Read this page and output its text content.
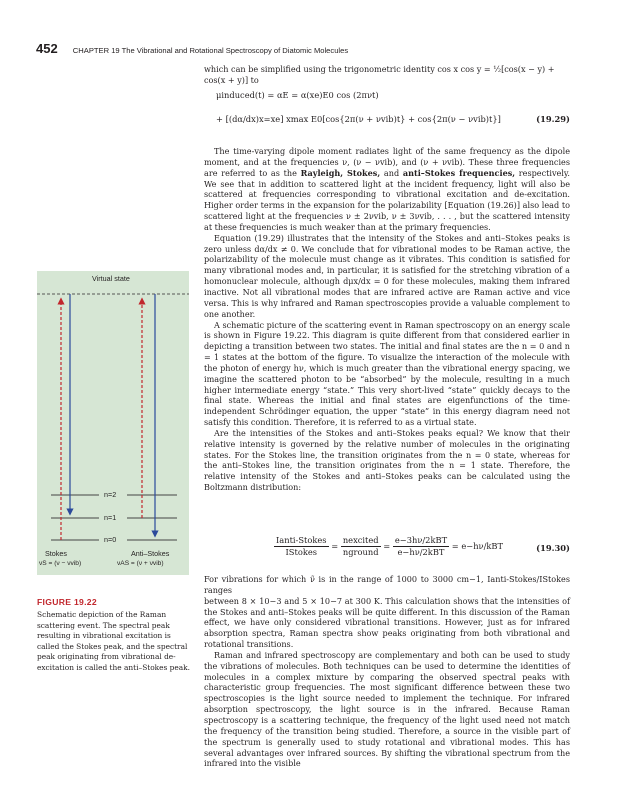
452 CHAPTER 19 The Vibrational and Rotational Spectroscopy of Diatomic Molecules

which can be simplified using the trigonometric identity cos x cos y = ½[cos(x − y) +

cos(x + y)] to

μinduced(t) = αE = α(xe)E0 cos (2πνt)
+ [(dα/dx)x=xe] xmax E0[cos{2π(ν + νvib)t} + cos{2π(ν − νvib)t}]	(19.29)

The time-varying dipole moment radiates light of the same frequency as the dipole moment, and at the frequencies ν, (ν − νvib), and (ν + νvib). These three frequencies are referred to as the Rayleigh, Stokes, and anti–Stokes frequencies, respectively. We see that in addition to scattered light at the incident frequency, light will also be scattered at frequencies corresponding to vibrational excitation and de-excitation. Higher order terms in the expansion for the polarizability [Equation (19.26)] also lead to scattered light at the frequencies ν ± 2νvib, ν ± 3νvib, . . . , but the scattered intensity at these frequencies is much weaker than at the primary frequencies.

Equation (19.29) illustrates that the intensity of the Stokes and anti–Stokes peaks is zero unless dα/dx ≠ 0. We conclude that for vibrational modes to be Raman active, the polarizability of the molecule must change as it vibrates. This condition is satisfied for many vibrational modes and, in particular, it is satisfied for the stretching vibration of a homonuclear molecule, although dμx/dx = 0 for these molecules, making them infrared inactive. Not all vibrational modes that are infrared active are Raman active and vice versa. This is why infrared and Raman spectroscopies provide a valuable complement to one another.

A schematic picture of the scattering event in Raman spectroscopy on an energy scale is shown in Figure 19.22. This diagram is quite different from that considered earlier in depicting a transition between two states. The initial and final states are the n = 0 and n = 1 states at the bottom of the figure. To visualize the interaction of the molecule with the photon of energy hν, which is much greater than the vibrational energy spacing, we imagine the scattered photon to be “absorbed” by the molecule, resulting in a much higher intermediate energy “state.” This very short-lived “state” quickly decays to the final state. Whereas the initial and final states are eigenfunctions of the time-independent Schrödinger equation, the upper “state” in this energy diagram need not satisfy this condition. Therefore, it is referred to as a virtual state.

Are the intensities of the Stokes and anti–Stokes peaks equal? We know that their relative intensity is governed by the relative number of molecules in the originating states. For the Stokes line, the transition originates from the n = 0 state, whereas for the anti–Stokes line, the transition originates from the n = 1 state. Therefore, the relative intensity of the Stokes and anti–Stokes peaks can be calculated using the Boltzmann distribution:

$\frac{\text{Ianti-Stokes}}{\text{IStokes}} = \frac{\text{nexcited}}{\text{nground}} = \frac{\text{e−3hν/2kBT}}{\text{e−hν/2kBT}} = e-h\nu/kBT$	(19.30)

For vibrations for which ν̃ is in the range of 1000 to 3000 cm−1, Ianti-Stokes/IStokes ranges

between 8 × 10−3 and 5 × 10−7 at 300 K. This calculation shows that the intensities of the Stokes and anti–Stokes peaks will be quite different. In this discussion of the Raman effect, we have only considered vibrational transitions. However, just as for infrared absorption spectra, Raman spectra show peaks originating from both vibrational and rotational transitions.

Raman and infrared spectroscopy are complementary and both can be used to study the vibrations of molecules. Both techniques can be used to determine the identities of molecules in a complex mixture by comparing the observed spectral peaks with characteristic group frequencies. The most significant difference between these two spectroscopies is the light source needed to implement the technique. For infrared absorption spectroscopy, the light source is in the infrared. Because Raman spectroscopy is a scattering technique, the frequency of the light used need not match the frequency of the transition being studied. Therefore, a source in the visible part of the spectrum is generally used to study rotational and vibrational modes. This has several advantages over infrared sources. By shifting the vibrational spectrum from the infrared into the visible

Virtual state
n=2
n=1
n=0
Stokes
νS = (ν − νvib)
Anti–Stokes
νAS = (ν + νvib)
FIGURE 19.22
Schematic depiction of the Raman scattering event. The spectral peak resulting in vibrational excitation is called the Stokes peak, and the spectral peak originating from vibrational de-excitation is called the anti–Stokes peak.
